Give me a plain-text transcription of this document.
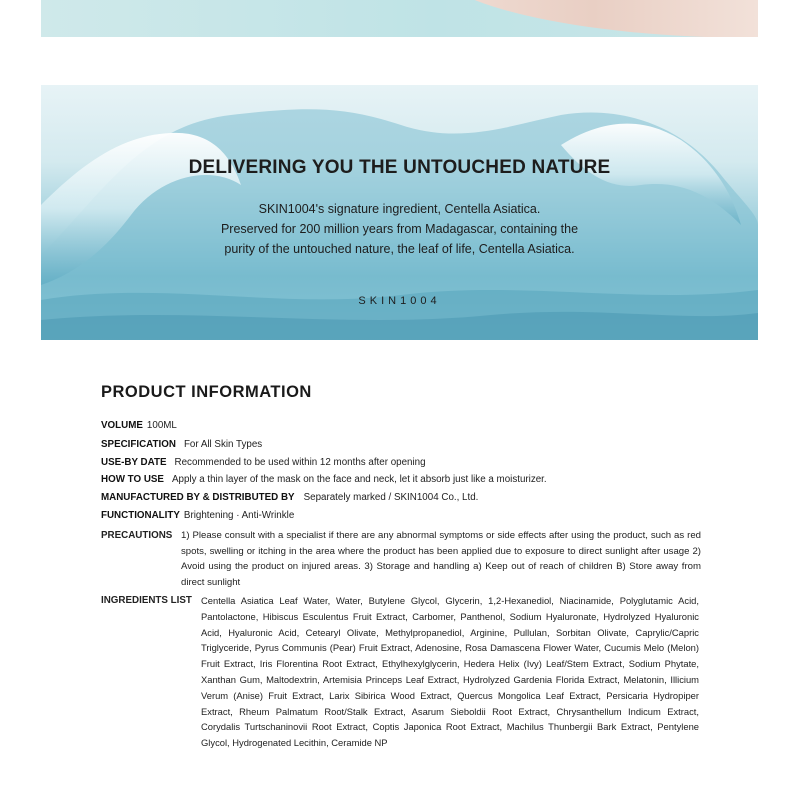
DELIVERING YOU THE UNTOUCHED NATURE
SKIN1004's signature ingredient, Centella Asiatica.
Preserved for 200 million years from Madagascar, containing the
purity of the untouched nature, the leaf of life, Centella Asiatica.
SKIN1004
PRODUCT INFORMATION
VOLUME 100ML
SPECIFICATION For All Skin Types
USE-BY DATE Recommended to be used within 12 months after opening
HOW TO USE Apply a thin layer of the mask on the face and neck, let it absorb just like a moisturizer.
MANUFACTURED BY & DISTRIBUTED BY Separately marked / SKIN1004 Co., Ltd.
FUNCTIONALITY Brightening · Anti-Wrinkle
PRECAUTIONS 1) Please consult with a specialist if there are any abnormal symptoms or side effects after using the product, such as red spots, swelling or itching in the area where the product has been applied due to exposure to direct sunlight after usage 2) Avoid using the product on injured areas. 3) Storage and handling a) Keep out of reach of children B) Store away from direct sunlight
INGREDIENTS LIST Centella Asiatica Leaf Water, Water, Butylene Glycol, Glycerin, 1,2-Hexanediol, Niacinamide, Polyglutamic Acid, Pantolactone, Hibiscus Esculentus Fruit Extract, Carbomer, Panthenol, Sodium Hyaluronate, Hydrolyzed Hyaluronic Acid, Hyaluronic Acid, Cetearyl Olivate, Methylpropanediol, Arginine, Pullulan, Sorbitan Olivate, Caprylic/Capric Triglyceride, Pyrus Communis (Pear) Fruit Extract, Adenosine, Rosa Damascena Flower Water, Cucumis Melo (Melon) Fruit Extract, Iris Florentina Root Extract, Ethylhexylglycerin, Hedera Helix (Ivy) Leaf/Stem Extract, Sodium Phytate, Xanthan Gum, Maltodextrin, Artemisia Princeps Leaf Extract, Hydrolyzed Gardenia Florida Extract, Melatonin, Illicium Verum (Anise) Fruit Extract, Larix Sibirica Wood Extract, Quercus Mongolica Leaf Extract, Persicaria Hydropiper Extract, Rheum Palmatum Root/Stalk Extract, Asarum Sieboldii Root Extract, Chrysanthellum Indicum Extract, Corydalis Turtschaninovii Root Extract, Coptis Japonica Root Extract, Machilus Thunbergii Bark Extract, Pentylene Glycol, Hydrogenated Lecithin, Ceramide NP
